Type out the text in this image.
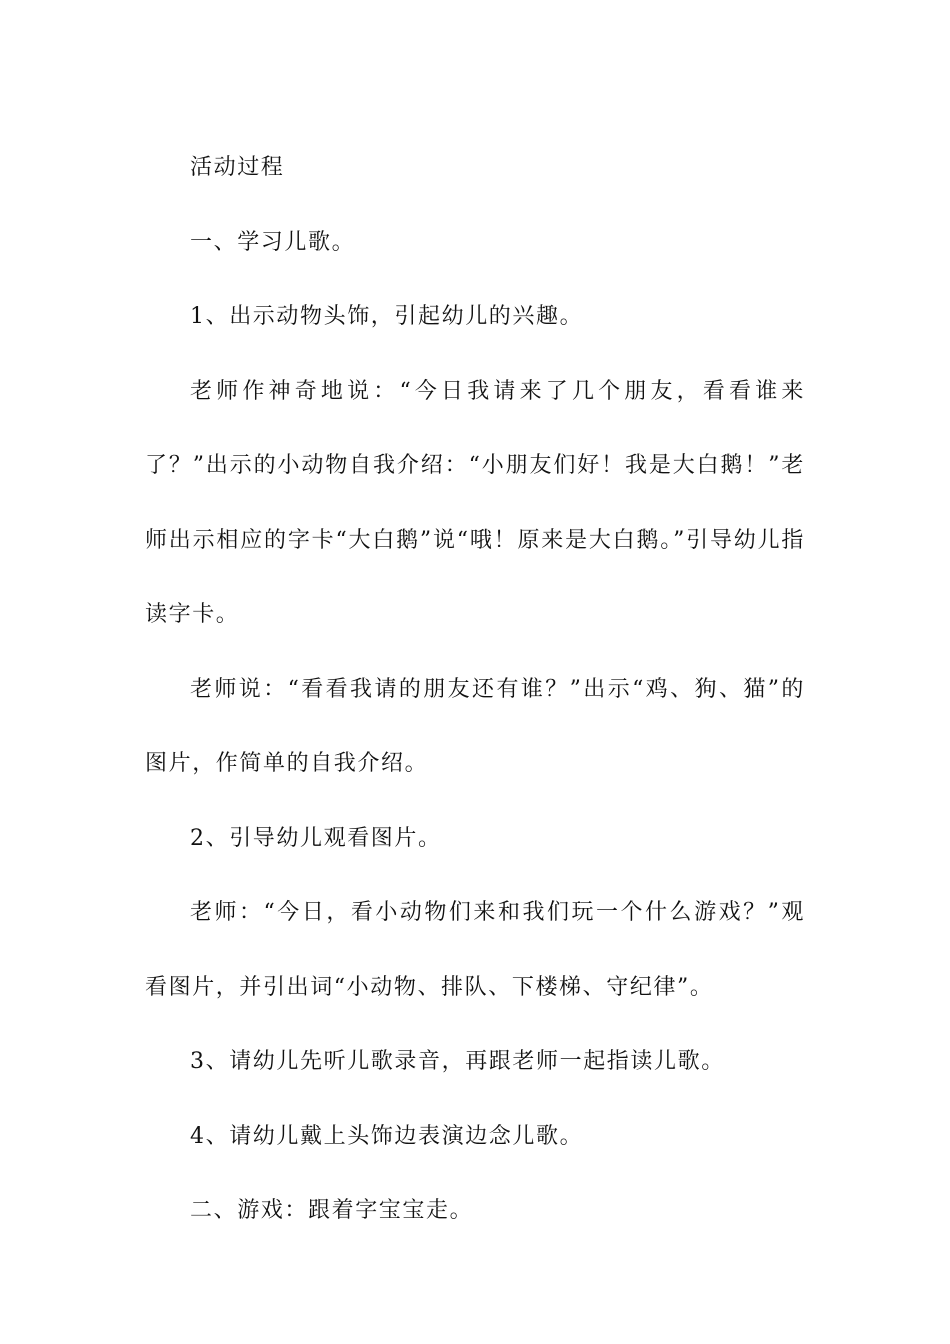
活动过程

一、学习儿歌。

1、出示动物头饰，引起幼儿的兴趣。

老师作神奇地说：“今日我请来了几个朋友，看看谁来了？”出示的小动物自我介绍：“小朋友们好！我是大白鹅！”老师出示相应的字卡“大白鹅”说“哦！原来是大白鹅。”引导幼儿指读字卡。

老师说：“看看我请的朋友还有谁？”出示“鸡、狗、猫”的图片，作简单的自我介绍。

2、引导幼儿观看图片。

老师：“今日，看小动物们来和我们玩一个什么游戏？”观看图片，并引出词“小动物、排队、下楼梯、守纪律”。

3、请幼儿先听儿歌录音，再跟老师一起指读儿歌。

4、请幼儿戴上头饰边表演边念儿歌。

二、游戏：跟着字宝宝走。
